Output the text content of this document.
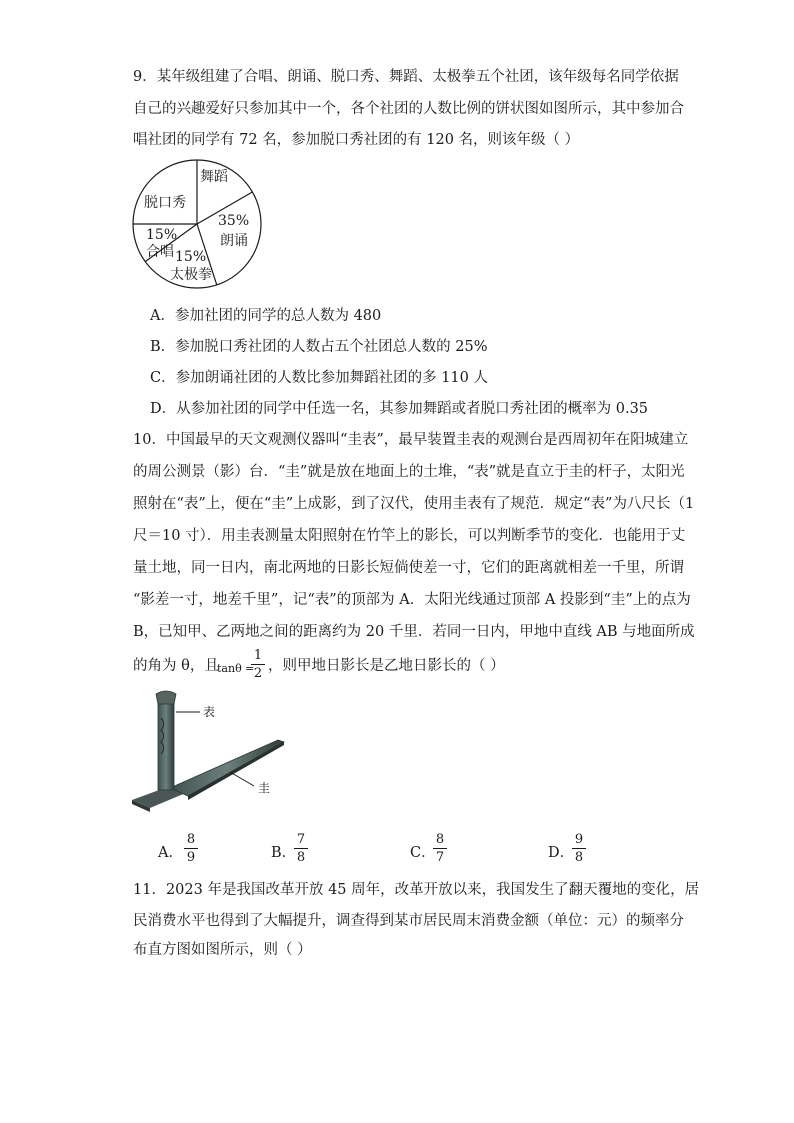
9．某年级组建了合唱、朗诵、脱口秀、舞蹈、太极拳五个社团，该年级每名同学依据
自己的兴趣爱好只参加其中一个，各个社团的人数比例的饼状图如图所示，其中参加合
唱社团的同学有 72 名，参加脱口秀社团的有 120 名，则该年级（ ）
舞蹈
脱口秀
35%
朗诵
15%
合唱 15%
太极拳
A．参加社团的同学的总人数为 480
B．参加脱口秀社团的人数占五个社团总人数的 25%
C．参加朗诵社团的人数比参加舞蹈社团的多 110 人
D．从参加社团的同学中任选一名，其参加舞蹈或者脱口秀社团的概率为 0.35
10．中国最早的天文观测仪器叫“圭表”，最早装置圭表的观测台是西周初年在阳城建立
的周公测景（影）台．“圭”就是放在地面上的土堆，“表”就是直立于圭的杆子，太阳光
照射在“表”上，便在“圭”上成影，到了汉代，使用圭表有了规范．规定“表”为八尺长（1
尺＝10 寸）．用圭表测量太阳照射在竹竿上的影长，可以判断季节的变化．也能用于丈
量土地，同一日内，南北两地的日影长短倘使差一寸，它们的距离就相差一千里，所谓
“影差一寸，地差千里”，记“表”的顶部为 A．太阳光线通过顶部 A 投影到“圭”上的点为
B，已知甲、乙两地之间的距离约为 20 千里．若同一日内，甲地中直线 AB 与地面所成
的角为 θ，且
tanθ =
1
2 ，则甲地日影长是乙地日影长的（ ）
表
圭
A．
8
9	B．
7
8	C．
8
7	D．
9
8
11．2023 年是我国改革开放 45 周年，改革开放以来，我国发生了翻天覆地的变化，居
民消费水平也得到了大幅提升，调查得到某市居民周末消费金额（单位：元）的频率分
布直方图如图所示，则（ ）
